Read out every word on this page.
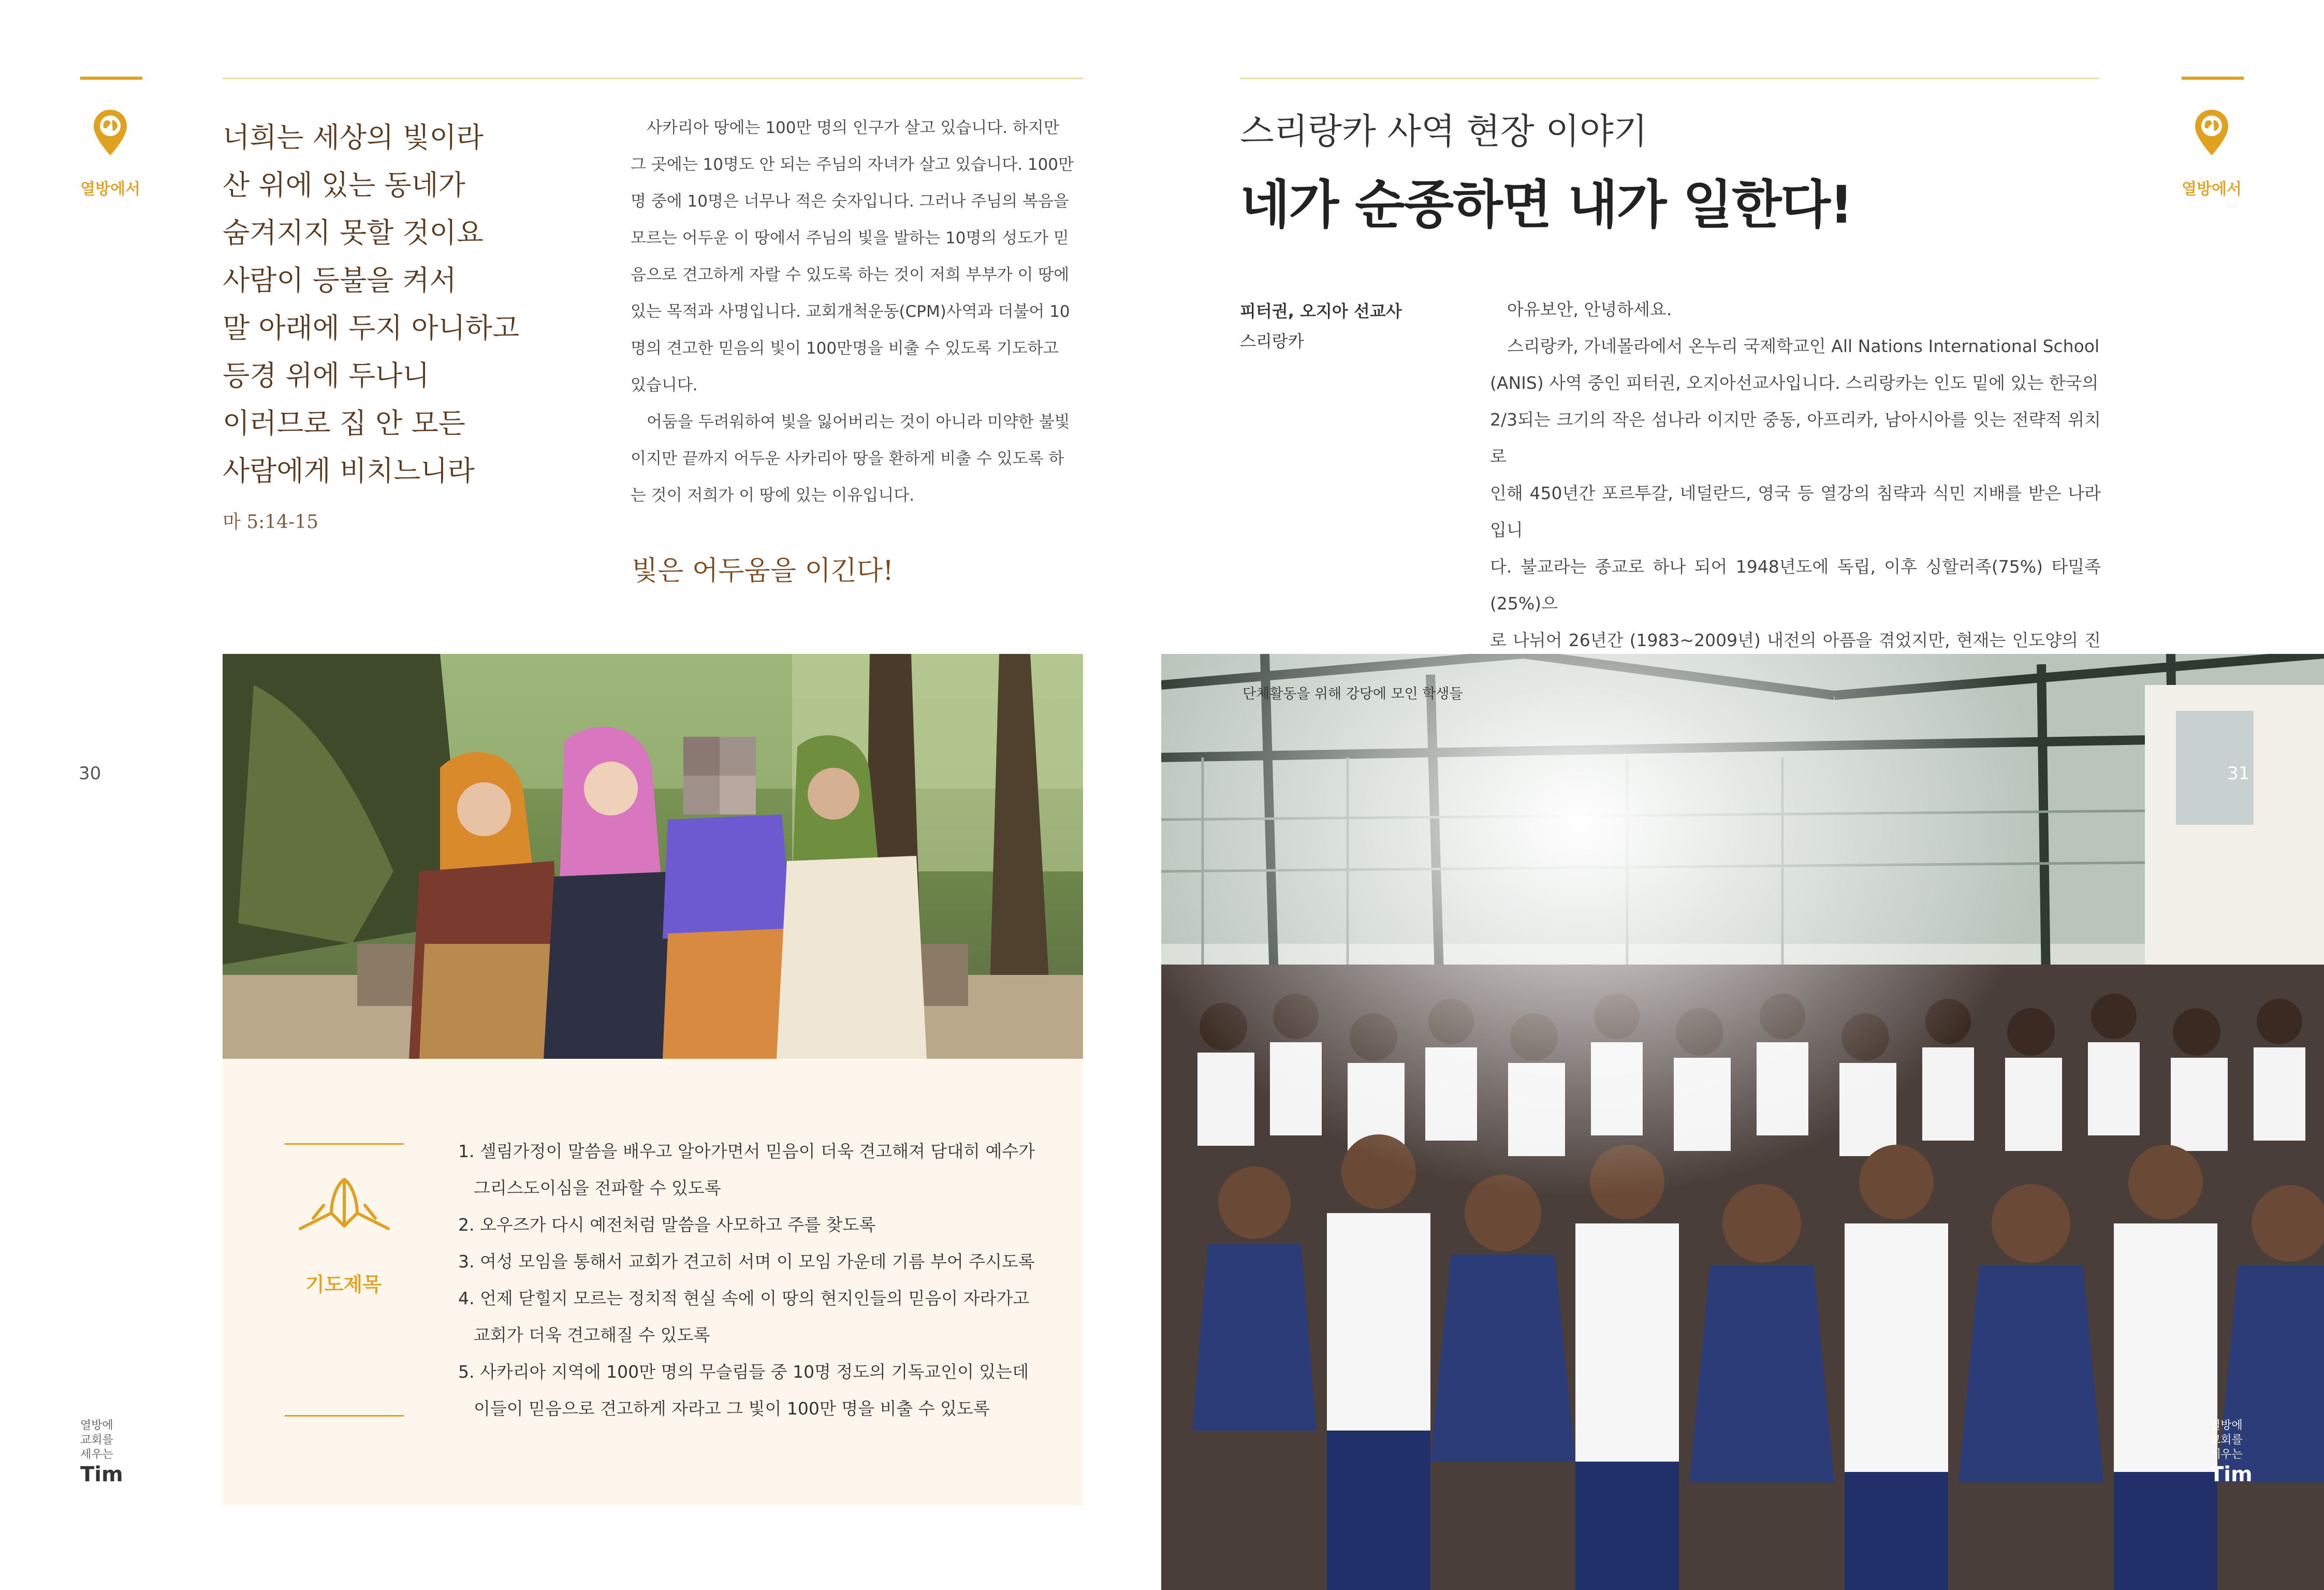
열방에서
너희는 세상의 빛이라
산 위에 있는 동네가
숨겨지지 못할 것이요
사람이 등불을 켜서
말 아래에 두지 아니하고
등경 위에 두나니
이러므로 집 안 모든
사람에게 비치느니라
마 5:14-15
사카리아 땅에는 100만 명의 인구가 살고 있습니다. 하지만
그 곳에는 10명도 안 되는 주님의 자녀가 살고 있습니다. 100만
명 중에 10명은 너무나 적은 숫자입니다. 그러나 주님의 복음을
모르는 어두운 이 땅에서 주님의 빛을 발하는 10명의 성도가 믿
음으로 견고하게 자랄 수 있도록 하는 것이 저희 부부가 이 땅에
있는 목적과 사명입니다. 교회개척운동(CPM)사역과 더불어 10
명의 견고한 믿음의 빛이 100만명을 비출 수 있도록 기도하고
있습니다.
어둠을 두려워하여 빛을 잃어버리는 것이 아니라 미약한 불빛
이지만 끝까지 어두운 사카리아 땅을 환하게 비출 수 있도록 하
는 것이 저희가 이 땅에 있는 이유입니다.
빛은 어두움을 이긴다!
30
기도제목
1. 셀림가정이 말씀을 배우고 알아가면서 믿음이 더욱 견고해져 담대히 예수가
그리스도이심을 전파할 수 있도록
2. 오우즈가 다시 예전처럼 말씀을 사모하고 주를 찾도록
3. 여성 모임을 통해서 교회가 견고히 서며 이 모임 가운데 기름 부어 주시도록
4. 언제 닫힐지 모르는 정치적 현실 속에 이 땅의 현지인들의 믿음이 자라가고
교회가 더욱 견고해질 수 있도록
5. 사카리아 지역에 100만 명의 무슬림들 중 10명 정도의 기독교인이 있는데
이들이 믿음으로 견고하게 자라고 그 빛이 100만 명을 비출 수 있도록
열방에
교회를
세우는
Tim
열방에서
스리랑카 사역 현장 이야기
네가 순종하면 내가 일한다!
피터권, 오지아 선교사
스리랑카
아유보안, 안녕하세요.
스리랑카, 가네몰라에서 온누리 국제학교인 All Nations International School
(ANIS) 사역 중인 피터권, 오지아선교사입니다. 스리랑카는 인도 밑에 있는 한국의
2/3되는 크기의 작은 섬나라 이지만 중동, 아프리카, 남아시아를 잇는 전략적 위치로
인해 450년간 포르투갈, 네덜란드, 영국 등 열강의 침략과 식민 지배를 받은 나라입니
다. 불교라는 종교로 하나 되어 1948년도에 독립, 이후 싱할러족(75%) 타밀족(25%)으
로 나뉘어 26년간 (1983~2009년) 내전의 아픔을 겪었지만, 현재는 인도양의 진
단체활동을 위해 강당에 모인 학생들
31
열방에
교회를
세우는
Tim
